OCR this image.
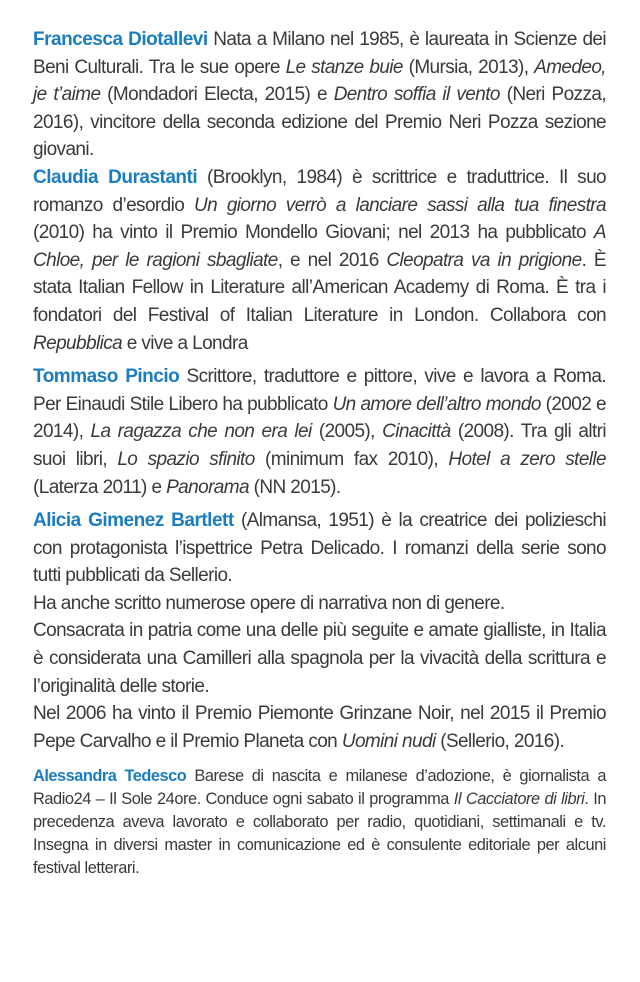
Francesca Diotallevi Nata a Milano nel 1985, è laureata in Scienze dei Beni Culturali. Tra le sue opere Le stanze buie (Mursia, 2013), Amedeo, je t’aime (Mondadori Electa, 2015) e Dentro soffia il vento (Neri Pozza, 2016), vincitore della seconda edizione del Premio Neri Pozza sezione giovani.

Claudia Durastanti (Brooklyn, 1984) è scrittrice e traduttrice. Il suo romanzo d’esordio Un giorno verrò a lanciare sassi alla tua finestra (2010) ha vinto il Premio Mondello Giovani; nel 2013 ha pubblicato A Chloe, per le ragioni sbagliate, e nel 2016 Cleopatra va in prigione. È stata Italian Fellow in Literature all’American Academy di Roma. È tra i fondatori del Festival of Italian Literature in London. Collabora con Repubblica e vive a Londra

Tommaso Pincio Scrittore, traduttore e pittore, vive e lavora a Roma. Per Einaudi Stile Libero ha pubblicato Un amore dell’altro mondo (2002 e 2014), La ragazza che non era lei (2005), Cinacittà (2008). Tra gli altri suoi libri, Lo spazio sfinito (minimum fax 2010), Hotel a zero stelle (Laterza 2011) e Panorama (NN 2015).

Alicia Gimenez Bartlett (Almansa, 1951) è la creatrice dei polizieschi con protagonista l’ispettrice Petra Delicado. I romanzi della serie sono tutti pubblicati da Sellerio.

Ha anche scritto numerose opere di narrativa non di genere.

Consacrata in patria come una delle più seguite e amate gialliste, in Italia è considerata una Camilleri alla spagnola per la vivacità della scrittura e l’originalità delle storie.

Nel 2006 ha vinto il Premio Piemonte Grinzane Noir, nel 2015 il Premio Pepe Carvalho e il Premio Planeta con Uomini nudi (Sellerio, 2016).

Alessandra Tedesco Barese di nascita e milanese d’adozione, è giornalista a Radio24 – Il Sole 24ore. Conduce ogni sabato il programma Il Cacciatore di libri. In precedenza aveva lavorato e collaborato per radio, quotidiani, settimanali e tv. Insegna in diversi master in comunicazione ed è consulente editoriale per alcuni festival letterari.
